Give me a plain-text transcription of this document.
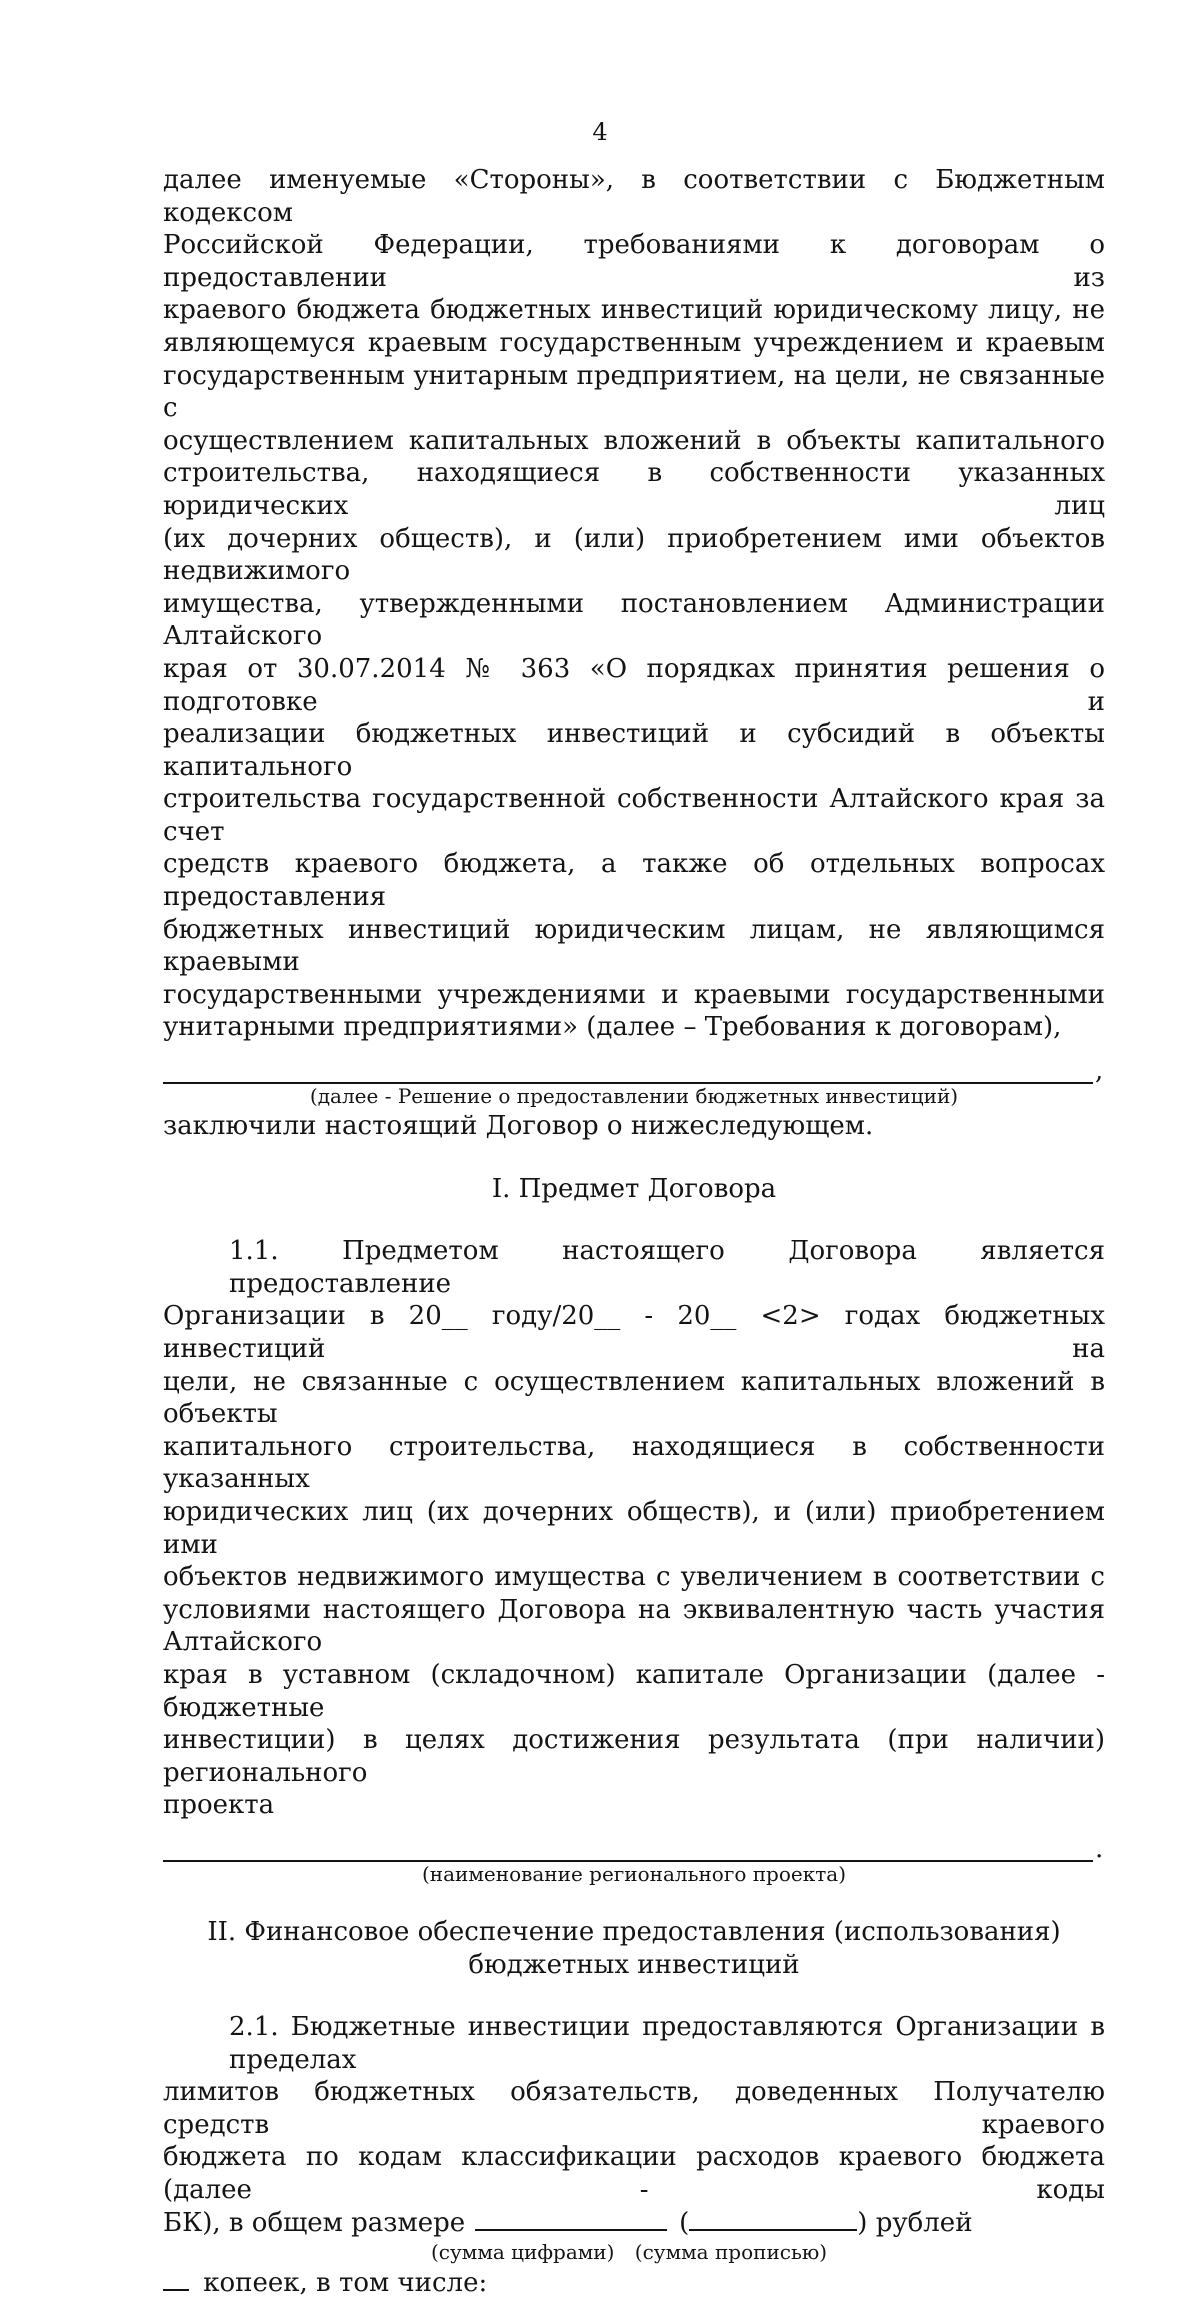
4

далее именуемые «Стороны», в соответствии с Бюджетным кодексом

Российской Федерации, требованиями к договорам о предоставлении из

краевого бюджета бюджетных инвестиций юридическому лицу, не

являющемуся краевым государственным учреждением и краевым

государственным унитарным предприятием, на цели, не связанные с

осуществлением капитальных вложений в объекты капитального

строительства, находящиеся в собственности указанных юридических лиц

(их дочерних обществ), и (или) приобретением ими объектов недвижимого

имущества, утвержденными постановлением Администрации Алтайского

края от 30.07.2014 № 363 «О порядках принятия решения о подготовке и

реализации бюджетных инвестиций и субсидий в объекты капитального

строительства государственной собственности Алтайского края за счет

средств краевого бюджета, а также об отдельных вопросах предоставления

бюджетных инвестиций юридическим лицам, не являющимся краевыми

государственными учреждениями и краевыми государственными

унитарными предприятиями» (далее – Требования к договорам),

,
(далее - Решение о предоставлении бюджетных инвестиций)

заключили настоящий Договор о нижеследующем.

I. Предмет Договора

1.1. Предметом настоящего Договора является предоставление

Организации в 20__ году/20__ - 20__ <2> годах бюджетных инвестиций на

цели, не связанные с осуществлением капитальных вложений в объекты

капитального строительства, находящиеся в собственности указанных

юридических лиц (их дочерних обществ), и (или) приобретением ими

объектов недвижимого имущества с увеличением в соответствии с

условиями настоящего Договора на эквивалентную часть участия Алтайского

края в уставном (складочном) капитале Организации (далее - бюджетные

инвестиции) в целях достижения результата (при наличии) регионального

проекта

.
(наименование регионального проекта)

II. Финансовое обеспечение предоставления (использования)

бюджетных инвестиций

2.1. Бюджетные инвестиции предоставляются Организации в пределах

лимитов бюджетных обязательств, доведенных Получателю средств краевого

бюджета по кодам классификации расходов краевого бюджета (далее - коды

БК), в общем размере	(	) рублей
(сумма цифрами) (сумма прописью)
копеек, в том числе:
